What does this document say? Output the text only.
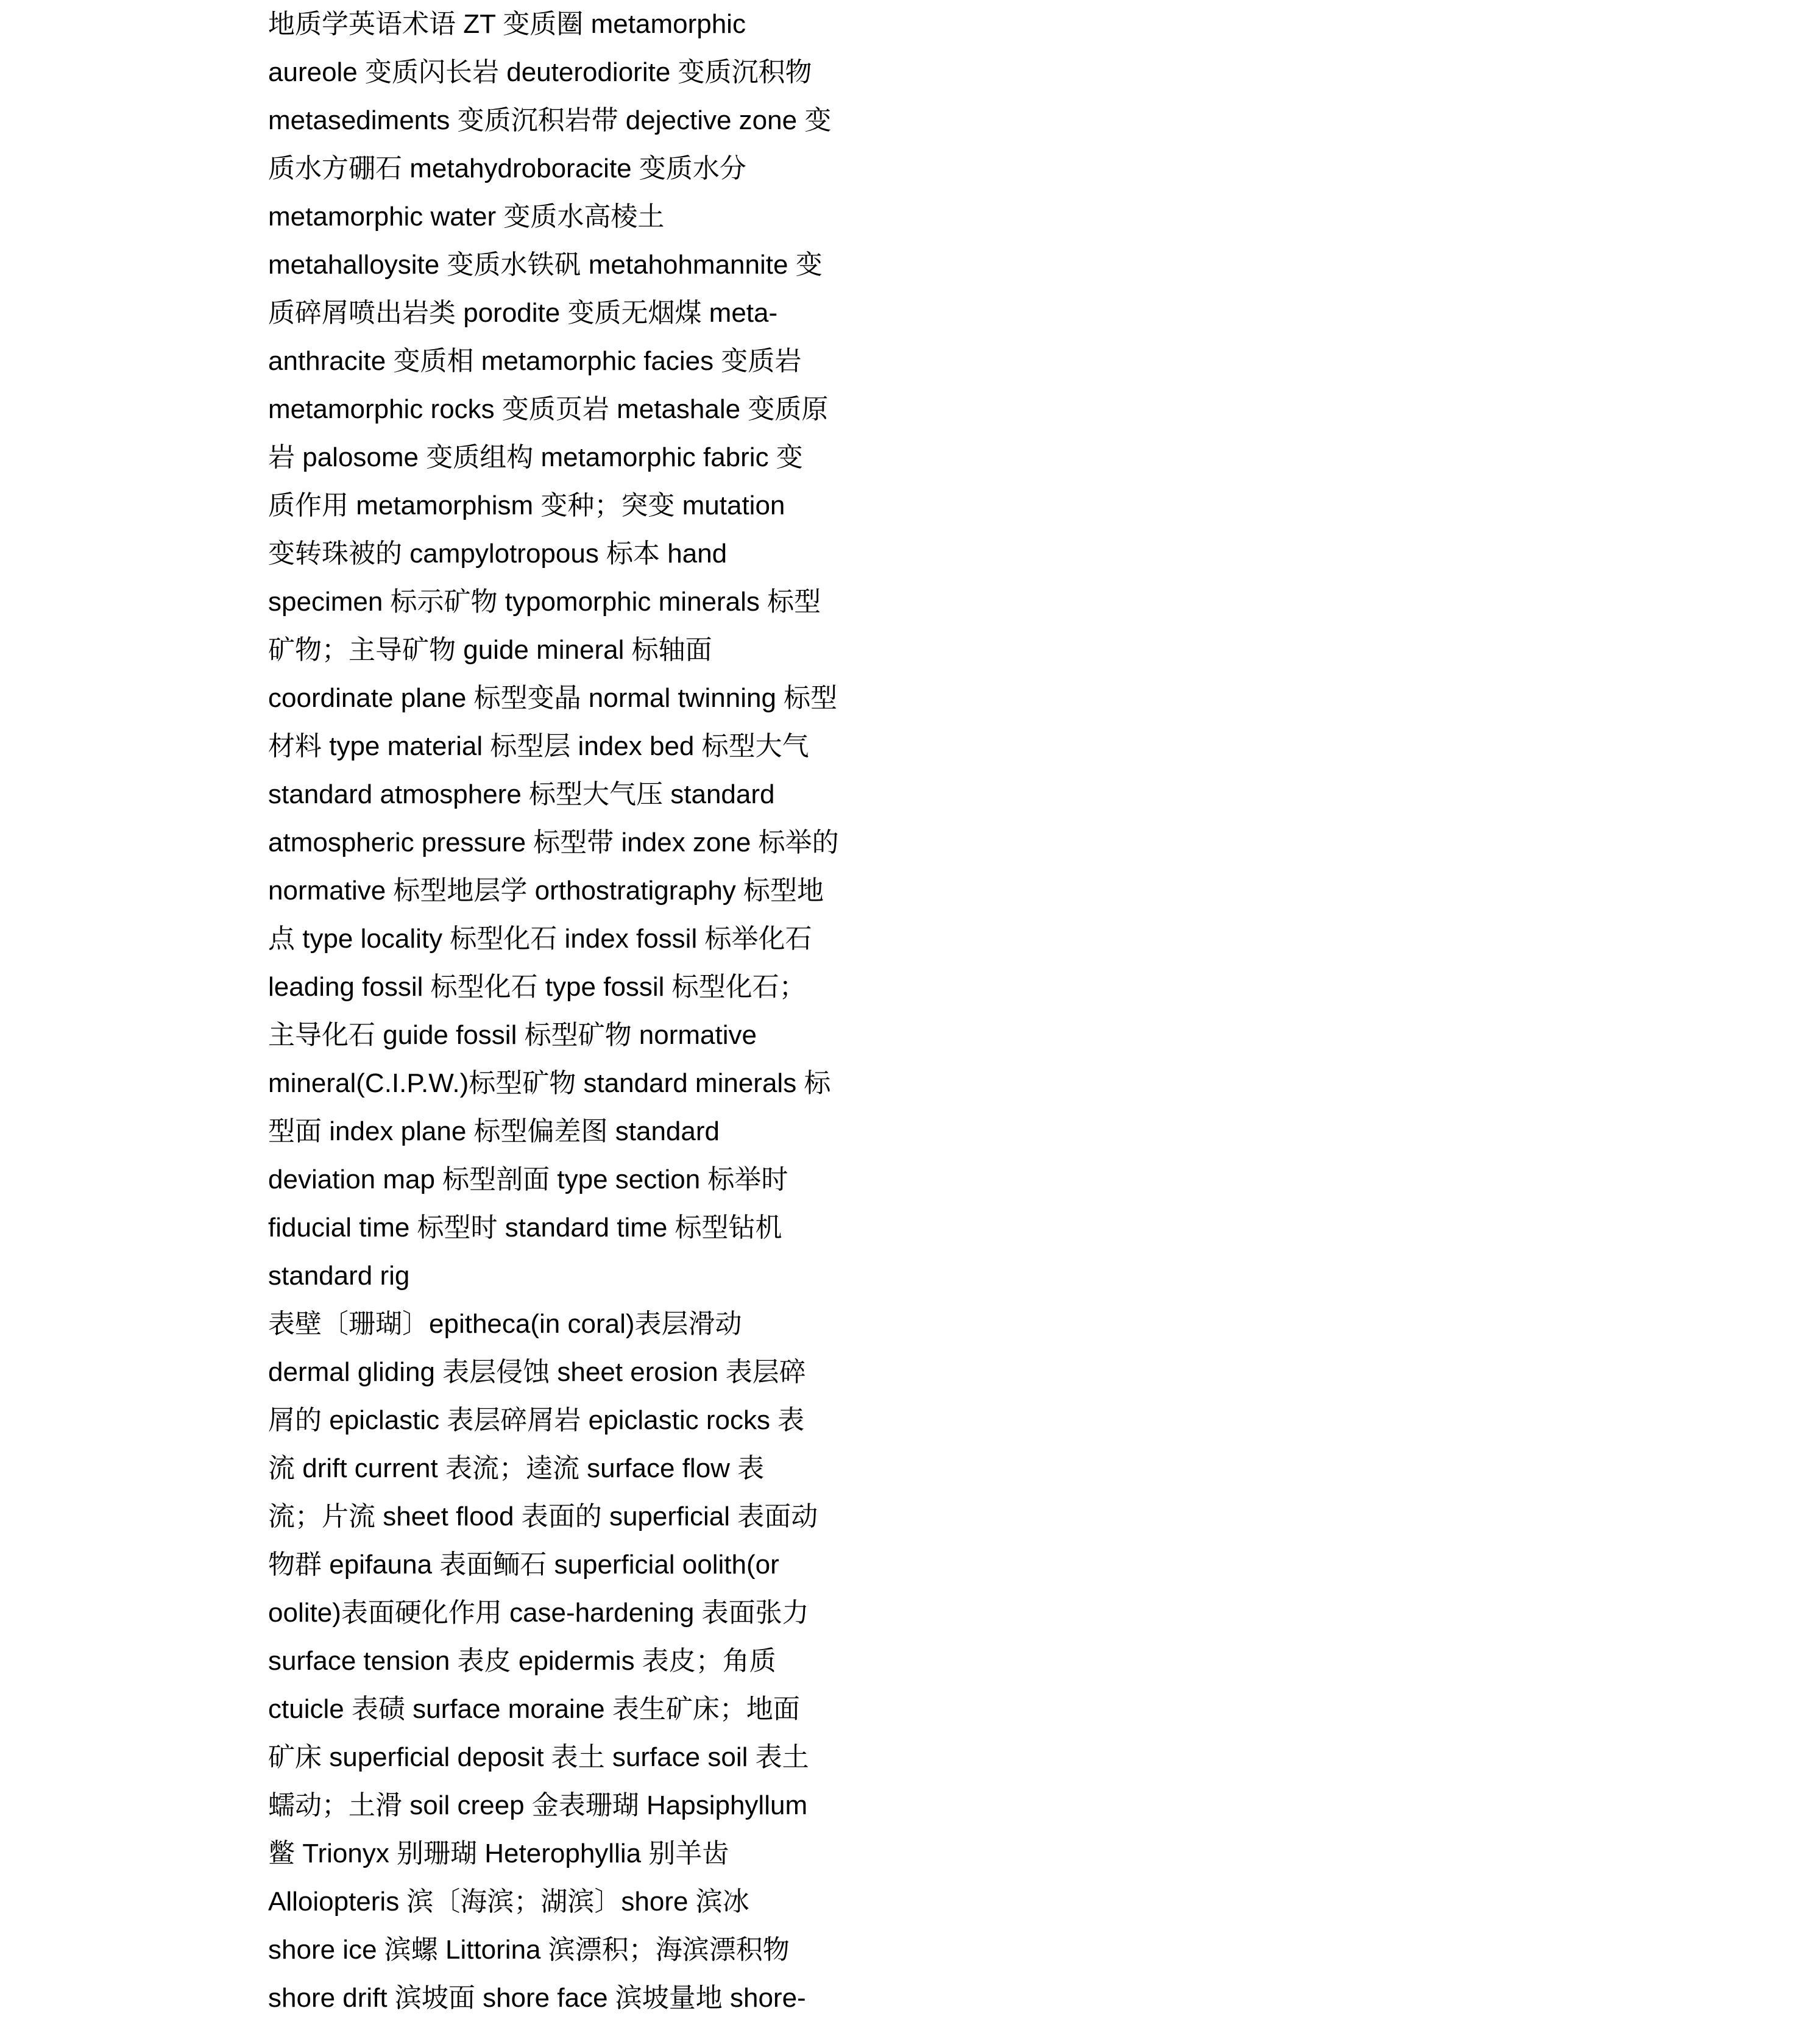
地质学英语术语 ZT 变质圈 metamorphic
aureole 变质闪长岩 deuterodiorite 变质沉积物
metasediments 变质沉积岩带 dejective zone 变
质水方硼石 metahydroboracite 变质水分
metamorphic water 变质水高棱土
metahalloysite 变质水铁矾 metahohmannite 变
质碎屑喷出岩类 porodite 变质无烟煤 meta-
anthracite 变质相 metamorphic facies 变质岩
metamorphic rocks 变质页岩 metashale 变质原
岩 palosome 变质组构 metamorphic fabric 变
质作用 metamorphism 变种；突变 mutation
变转珠被的 campylotropous 标本 hand
specimen 标示矿物 typomorphic minerals 标型
矿物；主导矿物 guide mineral 标轴面
coordinate plane 标型变晶 normal twinning 标型
材料 type material 标型层 index bed 标型大气
standard atmosphere 标型大气压 standard
atmospheric pressure 标型带 index zone 标举的
normative 标型地层学 orthostratigraphy 标型地
点 type locality 标型化石 index fossil 标举化石
leading fossil 标型化石 type fossil 标型化石；
主导化石 guide fossil 标型矿物 normative
mineral(C.I.P.W.)标型矿物 standard minerals 标
型面 index plane 标型偏差图 standard
deviation map 标型剖面 type section 标举时
fiducial time 标型时 standard time 标型钻机
standard rig
表壁〔珊瑚〕epitheca(in coral)表层滑动
dermal gliding 表层侵蚀 sheet erosion 表层碎
屑的 epiclastic 表层碎屑岩 epiclastic rocks 表
流 drift current 表流；逵流 surface flow 表
流；片流 sheet flood 表面的 superficial 表面动
物群 epifauna 表面鲕石 superficial oolith(or
oolite)表面硬化作用 case-hardening 表面张力
surface tension 表皮 epidermis 表皮；角质
ctuicle 表碛 surface moraine 表生矿床；地面
矿床 superficial deposit 表土 surface soil 表土
蠕动；土滑 soil creep 金表珊瑚 Hapsiphyllum
鳖 Trionyx 别珊瑚 Heterophyllia 别羊齿
Alloiopteris 滨〔海滨；湖滨〕shore 滨冰
shore ice 滨螺 Littorina 滨漂积；海滨漂积物
shore drift 滨坡面 shore face 滨坡量地 shore-
